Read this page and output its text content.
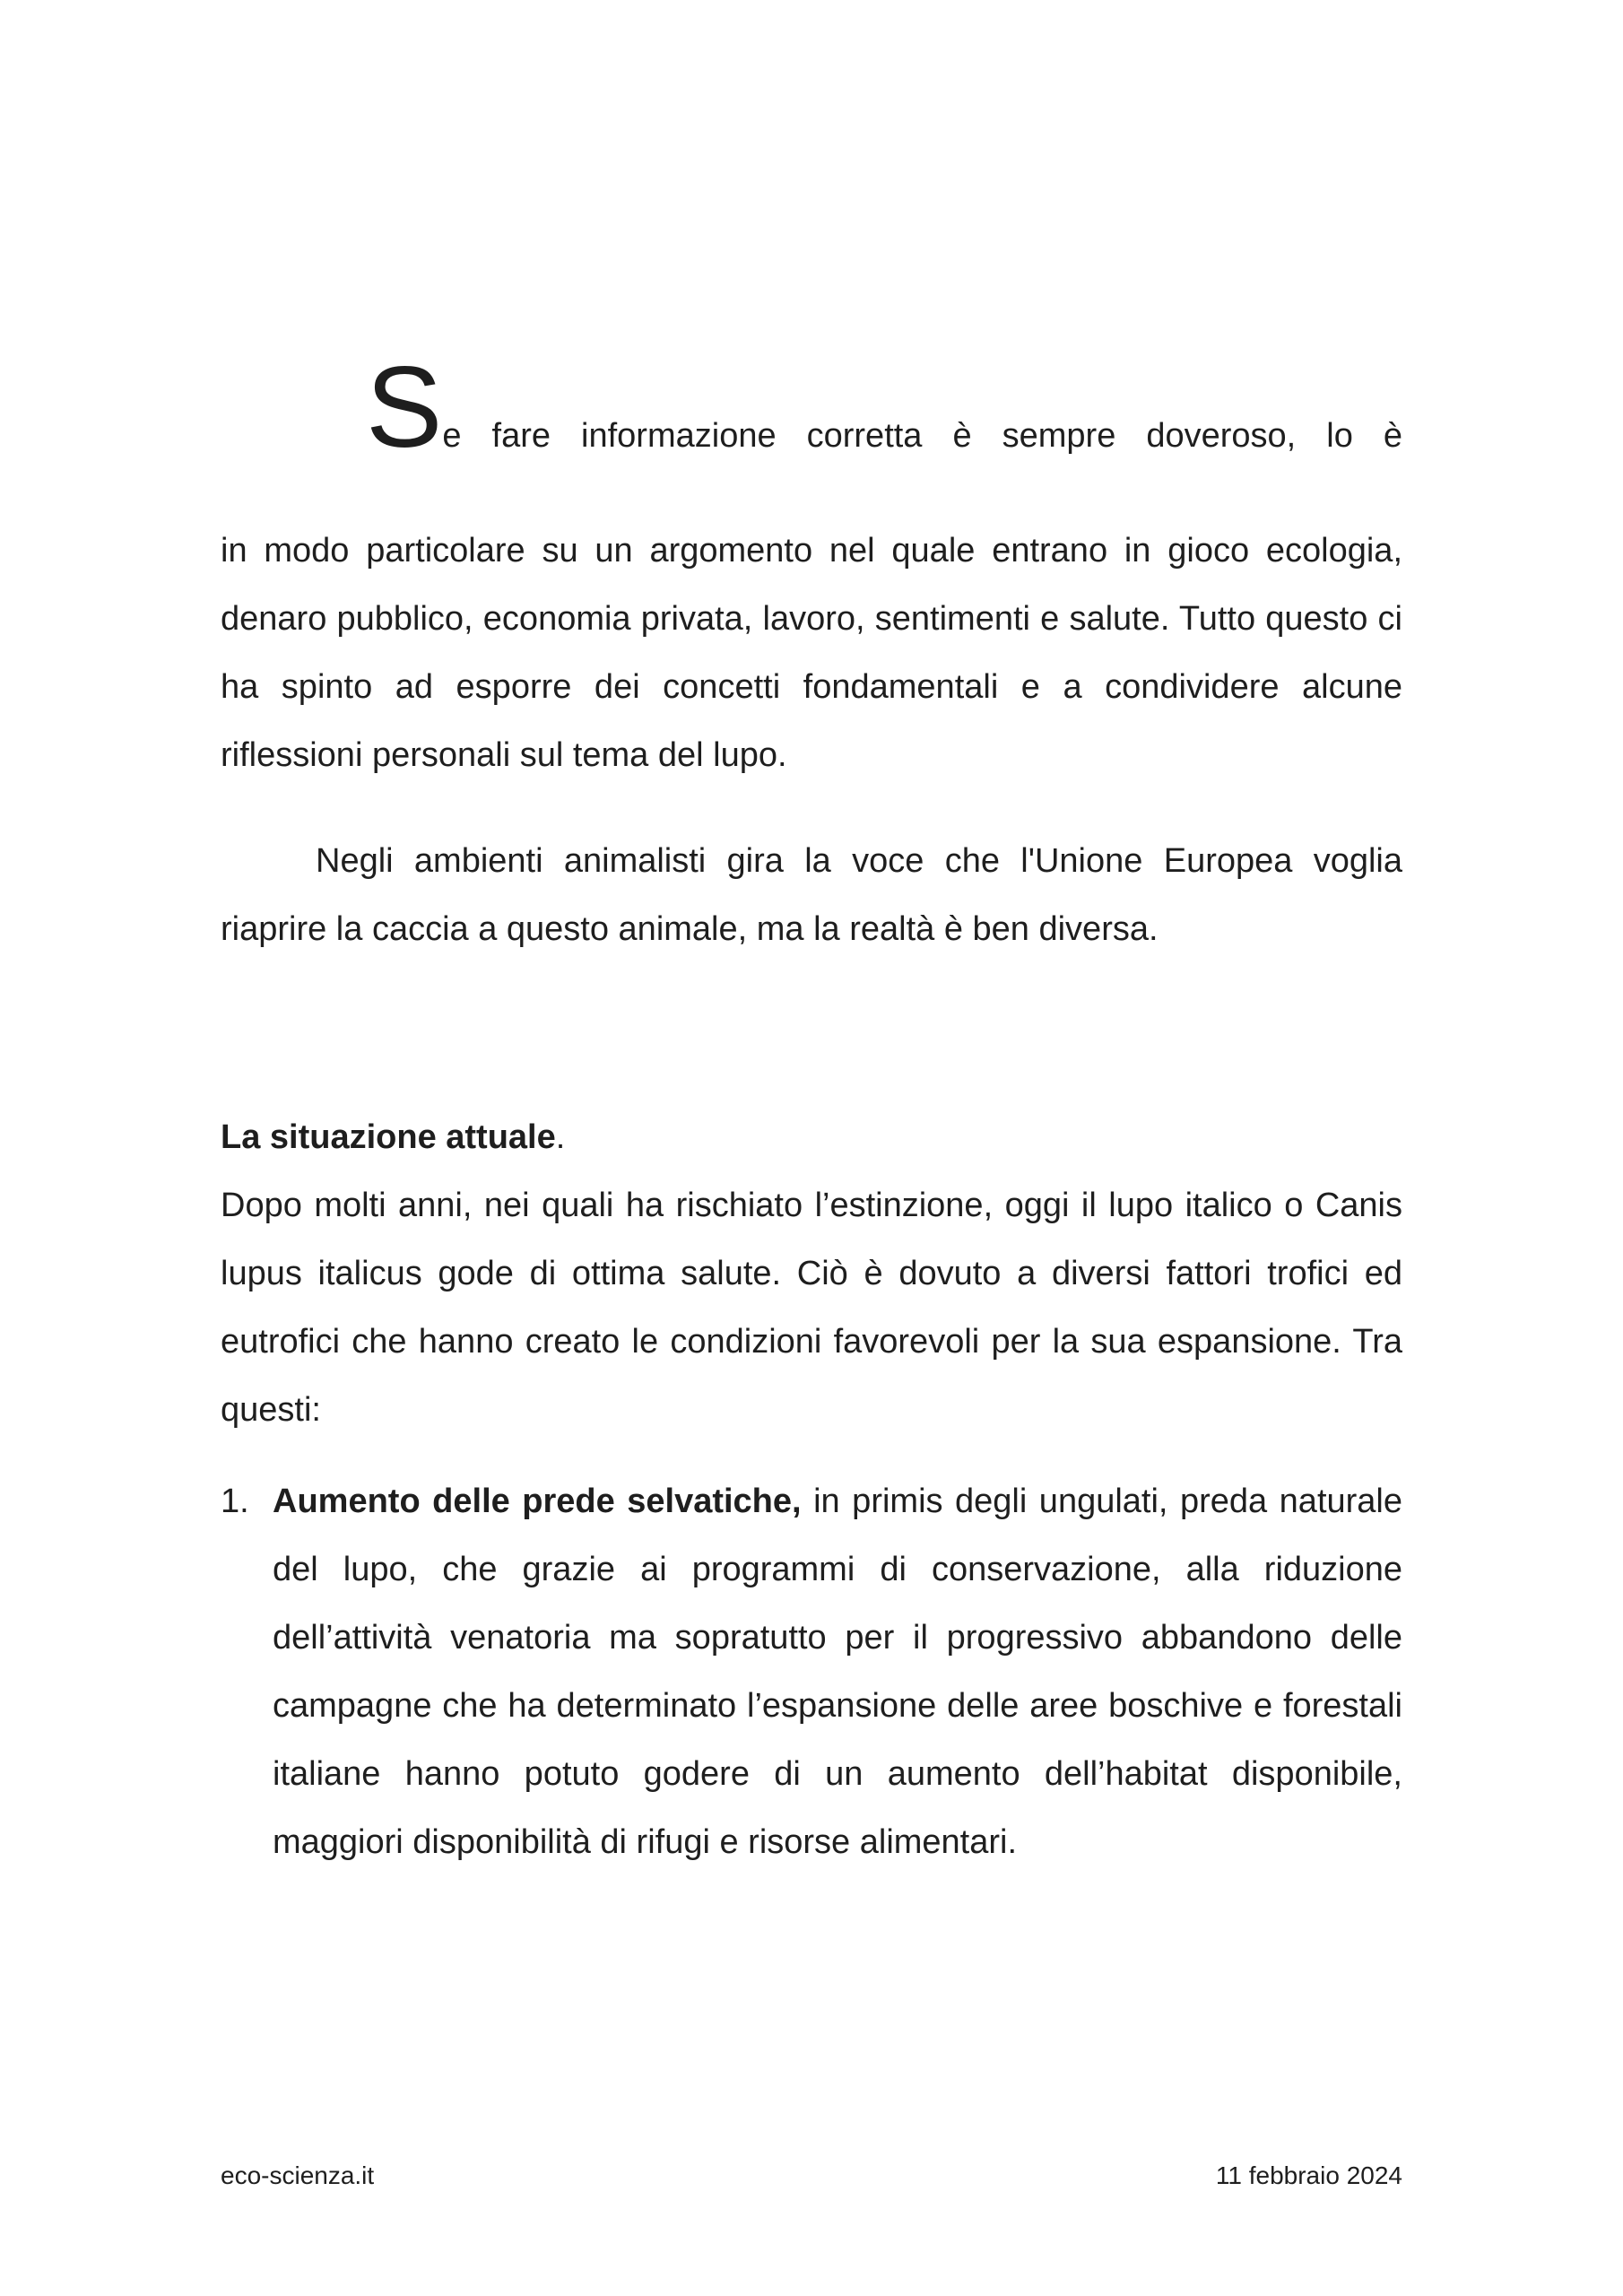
Se fare informazione corretta è sempre doveroso, lo è

in modo particolare su un argomento nel quale entrano in gioco ecologia, denaro pubblico, economia privata, lavoro, sentimenti e salute. Tutto questo ci ha spinto ad esporre dei concetti fondamentali e a condividere alcune riflessioni personali sul tema del lupo.

Negli ambienti animalisti gira la voce che l'Unione Europea voglia riaprire la caccia a questo animale, ma la realtà è ben diversa.

La situazione attuale.

Dopo molti anni, nei quali ha rischiato l’estinzione, oggi il lupo italico o Canis lupus italicus gode di ottima salute. Ciò è dovuto a diversi fattori trofici ed eutrofici che hanno creato le condizioni favorevoli per la sua espansione. Tra questi:

1. Aumento delle prede selvatiche, in primis degli ungulati, preda naturale del lupo, che grazie ai programmi di conservazione, alla riduzione dell’attività venatoria ma sopratutto per il progressivo abbandono delle campagne che ha determinato l’espansione delle aree boschive e forestali italiane hanno potuto godere di un aumento dell’habitat disponibile, maggiori disponibilità di rifugi e risorse alimentari.
eco-scienza.it	11 febbraio 2024
